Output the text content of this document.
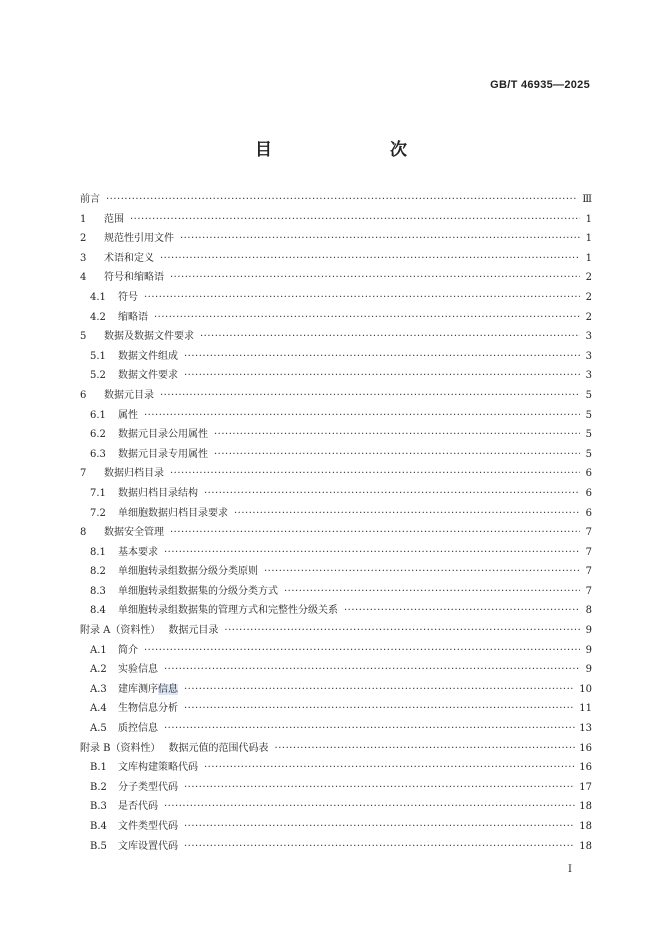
GB/T 46935—2025
目　　次
前言 ·····	Ⅲ
1	范围 ·····	1
2	规范性引用文件 ·····	1
3	术语和定义 ·····	1
4	符号和缩略语 ·····	2
4.1	符号 ·····	2
4.2	缩略语 ·····	2
5	数据及数据文件要求 ·····	3
5.1	数据文件组成 ·····	3
5.2	数据文件要求 ·····	3
6	数据元目录 ·····	5
6.1	属性 ·····	5
6.2	数据元目录公用属性 ·····	5
6.3	数据元目录专用属性 ·····	5
7	数据归档目录 ·····	6
7.1	数据归档目录结构 ·····	6
7.2	单细胞数据归档目录要求 ·····	6
8	数据安全管理 ·····	7
8.1	基本要求 ·····	7
8.2	单细胞转录组数据分级分类原则 ·····	7
8.3	单细胞转录组数据集的分级分类方式 ·····	7
8.4	单细胞转录组数据集的管理方式和完整性分级关系 ·····	8
附录 A（资料性） 数据元目录 ·····	9
A.1	简介 ·····	9
A.2	实验信息 ·····	9
A.3	建库测序信息 ·····	10
A.4	生物信息分析 ·····	11
A.5	质控信息 ·····	13
附录 B（资料性） 数据元值的范围代码表 ·····	16
B.1	文库构建策略代码 ·····	16
B.2	分子类型代码 ·····	17
B.3	是否代码 ·····	18
B.4	文件类型代码 ·····	18
B.5	文库设置代码 ·····	18
I
